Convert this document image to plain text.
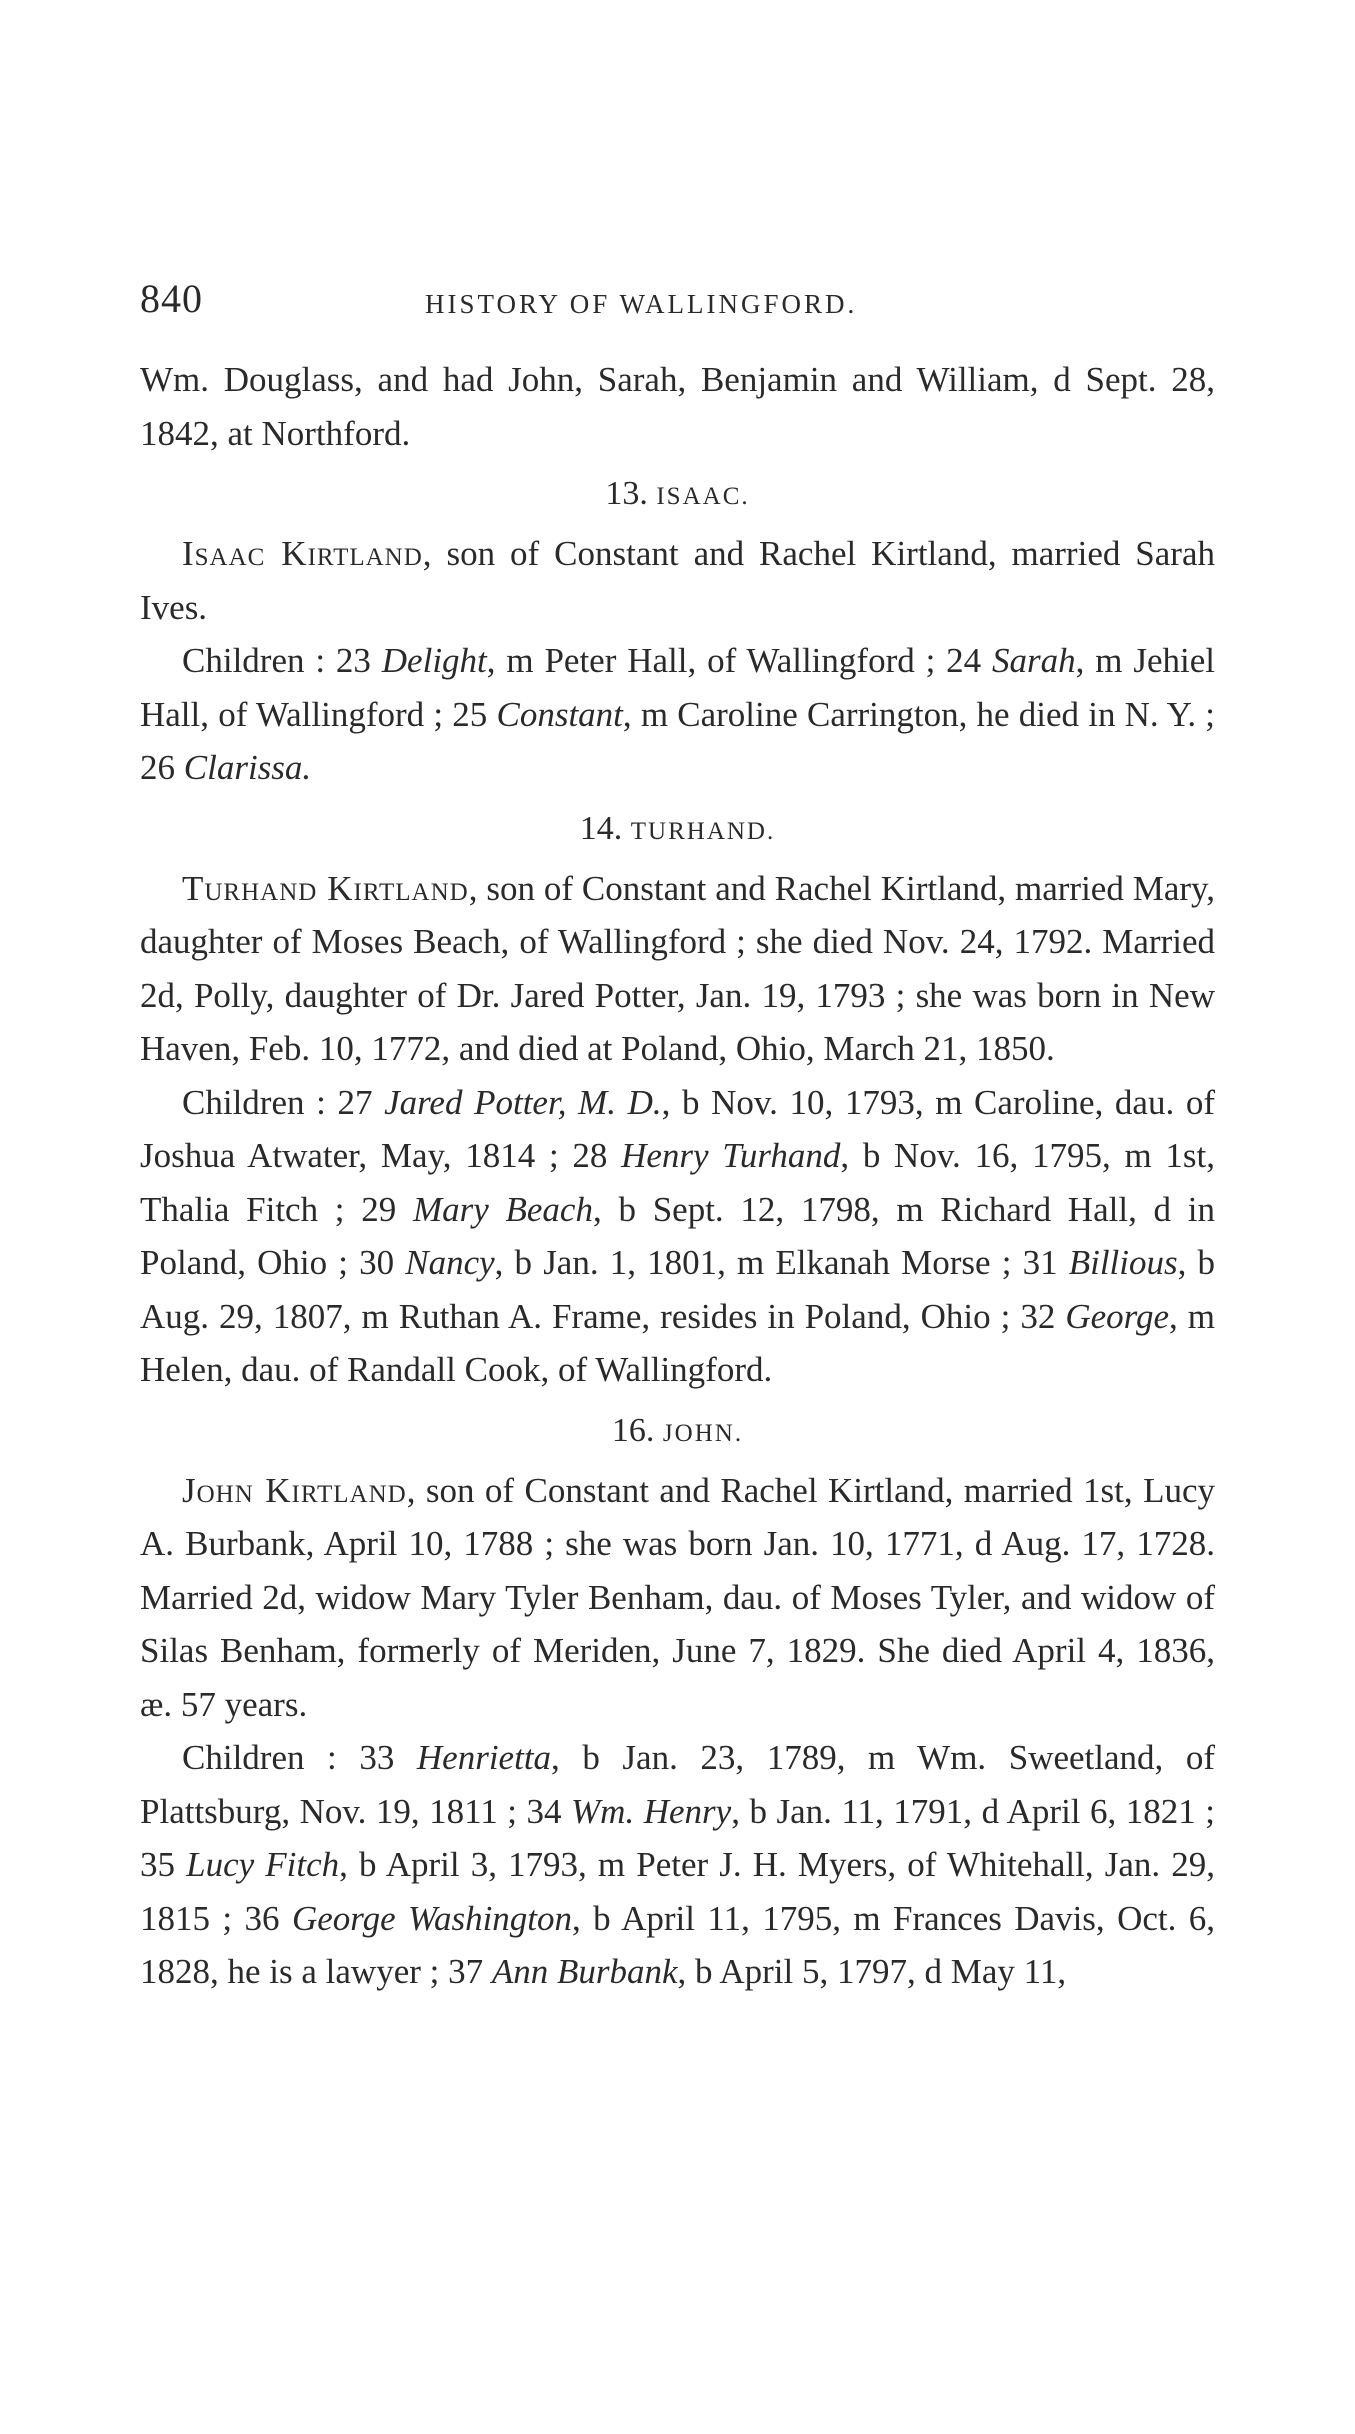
840	HISTORY OF WALLINGFORD.

Wm. Douglass, and had John, Sarah, Benjamin and William, d Sept. 28, 1842, at Northford.

13. ISAAC.

Isaac Kirtland, son of Constant and Rachel Kirtland, married Sarah Ives.

Children : 23 Delight, m Peter Hall, of Wallingford ; 24 Sarah, m Jehiel Hall, of Wallingford ; 25 Constant, m Caroline Carrington, he died in N. Y. ; 26 Clarissa.

14. TURHAND.

Turhand Kirtland, son of Constant and Rachel Kirtland, married Mary, daughter of Moses Beach, of Wallingford ; she died Nov. 24, 1792. Married 2d, Polly, daughter of Dr. Jared Potter, Jan. 19, 1793 ; she was born in New Haven, Feb. 10, 1772, and died at Poland, Ohio, March 21, 1850.

Children : 27 Jared Potter, M. D., b Nov. 10, 1793, m Caroline, dau. of Joshua Atwater, May, 1814 ; 28 Henry Turhand, b Nov. 16, 1795, m 1st, Thalia Fitch ; 29 Mary Beach, b Sept. 12, 1798, m Richard Hall, d in Poland, Ohio ; 30 Nancy, b Jan. 1, 1801, m Elkanah Morse ; 31 Billious, b Aug. 29, 1807, m Ruthan A. Frame, resides in Poland, Ohio ; 32 George, m Helen, dau. of Randall Cook, of Wallingford.

16. JOHN.

John Kirtland, son of Constant and Rachel Kirtland, married 1st, Lucy A. Burbank, April 10, 1788 ; she was born Jan. 10, 1771, d Aug. 17, 1728. Married 2d, widow Mary Tyler Benham, dau. of Moses Tyler, and widow of Silas Benham, formerly of Meriden, June 7, 1829. She died April 4, 1836, æ. 57 years.

Children : 33 Henrietta, b Jan. 23, 1789, m Wm. Sweetland, of Plattsburg, Nov. 19, 1811 ; 34 Wm. Henry, b Jan. 11, 1791, d April 6, 1821 ; 35 Lucy Fitch, b April 3, 1793, m Peter J. H. Myers, of Whitehall, Jan. 29, 1815 ; 36 George Washington, b April 11, 1795, m Frances Davis, Oct. 6, 1828, he is a lawyer ; 37 Ann Burbank, b April 5, 1797, d May 11,
